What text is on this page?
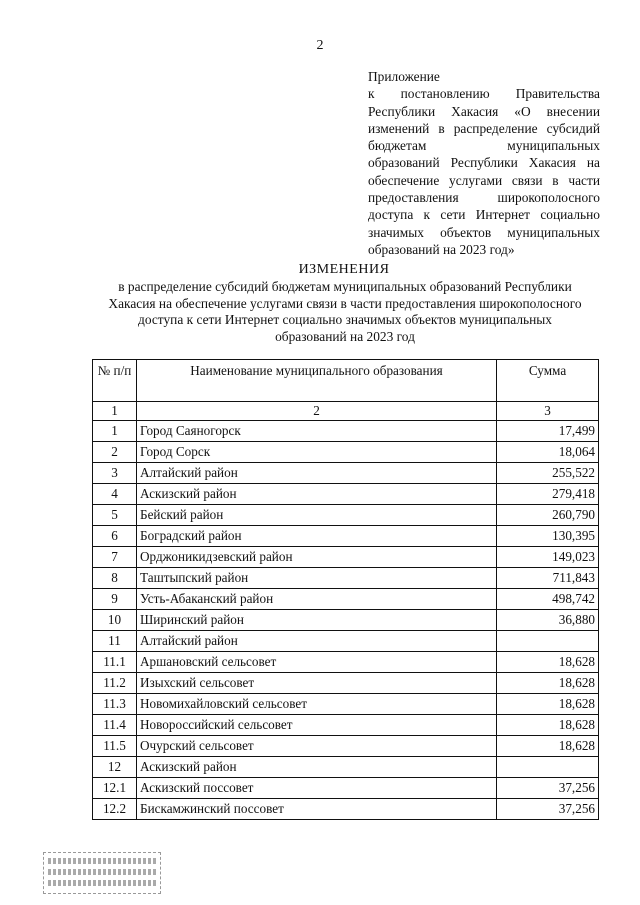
2
Приложение
к постановлению Правительства
Республики Хакасия «О внесении
изменений в распределение субсидий
бюджетам муниципальных
образований Республики Хакасия на
обеспечение услугами связи в части
предоставления широкополосного
доступа к сети Интернет социально
значимых объектов муниципальных
образований на 2023 год»
ИЗМЕНЕНИЯ
в распределение субсидий бюджетам муниципальных образований Республики
Хакасия на обеспечение услугами связи в части предоставления широкополосного
доступа к сети Интернет социально значимых объектов муниципальных
образований на 2023 год
№ п/п	Наименование муниципального образования	Сумма
1	2	3
1	Город Саяногорск	17,499
2	Город Сорск	18,064
3	Алтайский район	255,522
4	Аскизский район	279,418
5	Бейский район	260,790
6	Боградский район	130,395
7	Орджоникидзевский район	149,023
8	Таштыпский район	711,843
9	Усть-Абаканский район	498,742
10	Ширинский район	36,880
11	Алтайский район	
11.1	Аршановский сельсовет	18,628
11.2	Изыхский сельсовет	18,628
11.3	Новомихайловский сельсовет	18,628
11.4	Новороссийский сельсовет	18,628
11.5	Очурский сельсовет	18,628
12	Аскизский район	
12.1	Аскизский поссовет	37,256
12.2	Бискамжинский поссовет	37,256
